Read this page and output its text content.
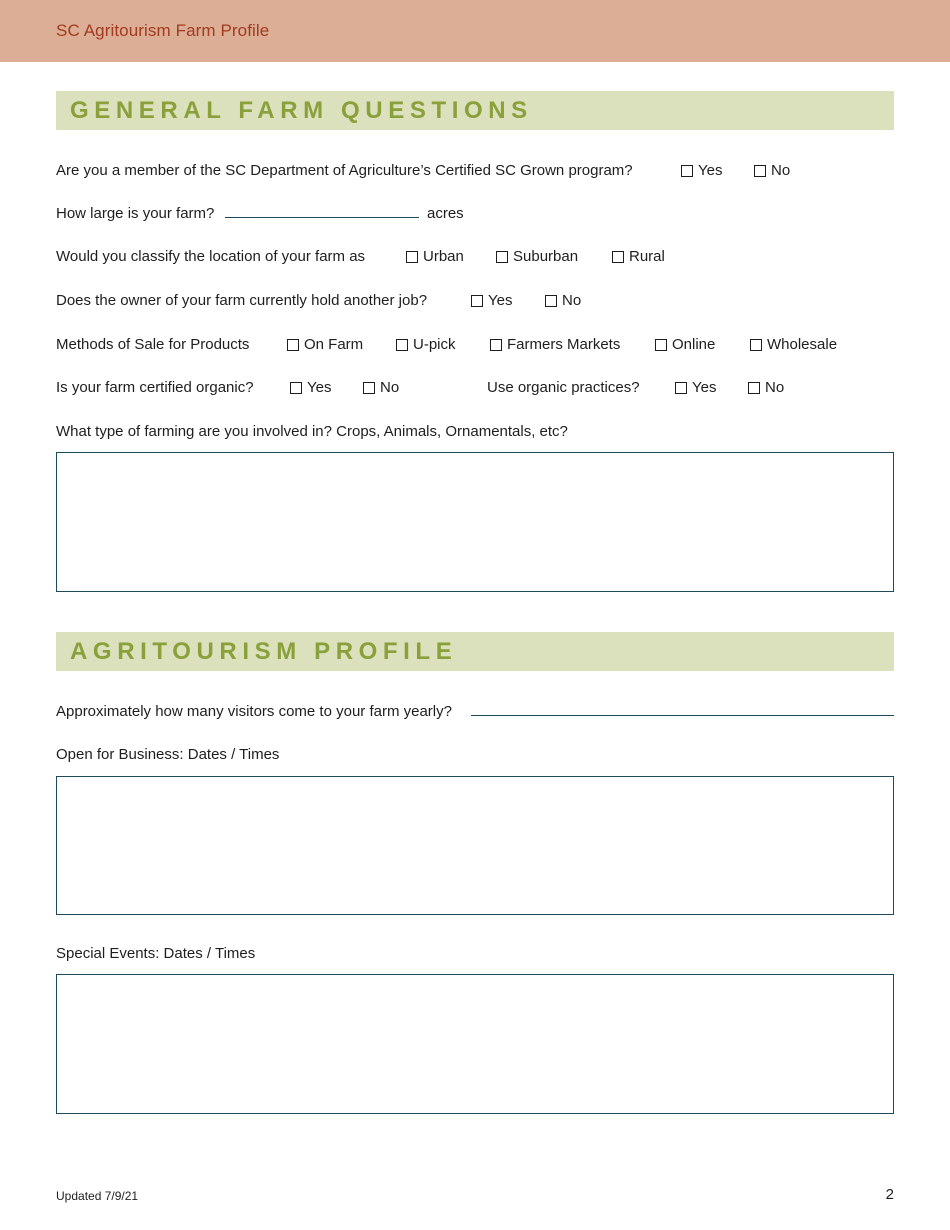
SC Agritourism Farm Profile
GENERAL FARM QUESTIONS
Are you a member of the SC Department of Agriculture’s Certified SC Grown program?	Yes	No
How large is your farm?	acres
Would you classify the location of your farm as	Urban	Suburban	Rural
Does the owner of your farm currently hold another job?	Yes	No
Methods of Sale for Products	On Farm	U-pick	Farmers Markets	Online	Wholesale
Is your farm certified organic?	Yes	No	Use organic practices?	Yes	No
What type of farming are you involved in? Crops, Animals, Ornamentals, etc?
AGRITOURISM PROFILE
Approximately how many visitors come to your farm yearly?
Open for Business: Dates / Times
Special Events: Dates / Times
Updated 7/9/21	2
